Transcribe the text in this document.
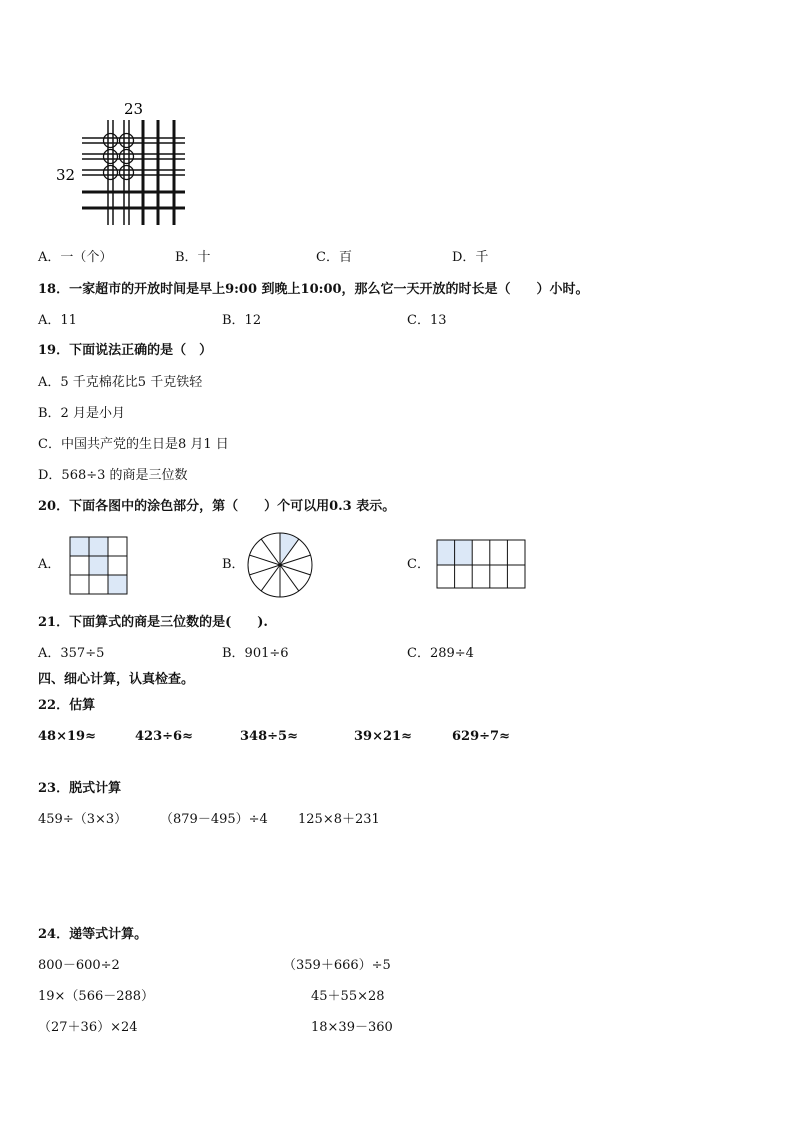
23
32
A．一（个）	B．十	C．百	D．千
18．一家超市的开放时间是早上9:00 到晚上10:00，那么它一天开放的时长是（　　）小时。
A．11	B．12	C．13
19．下面说法正确的是（　）
A．5 千克棉花比5 千克铁轻
B．2 月是小月
C．中国共产党的生日是8 月1 日
D．568÷3 的商是三位数
20．下面各图中的涂色部分，第（　　）个可以用0.3 表示。
A．	B．	C．
21．下面算式的商是三位数的是(　　).
A．357÷5	B．901÷6	C．289÷4
四、细心计算，认真检查。
22．估算
48×19≈	423÷6≈	348÷5≈	39×21≈	629÷7≈
23．脱式计算
459÷（3×3）	（879－495）÷4 125×8＋231
24．递等式计算。
800－600÷2	（359＋666）÷5
19×（566－288）	45＋55×28
（27＋36）×24	18×39－360
